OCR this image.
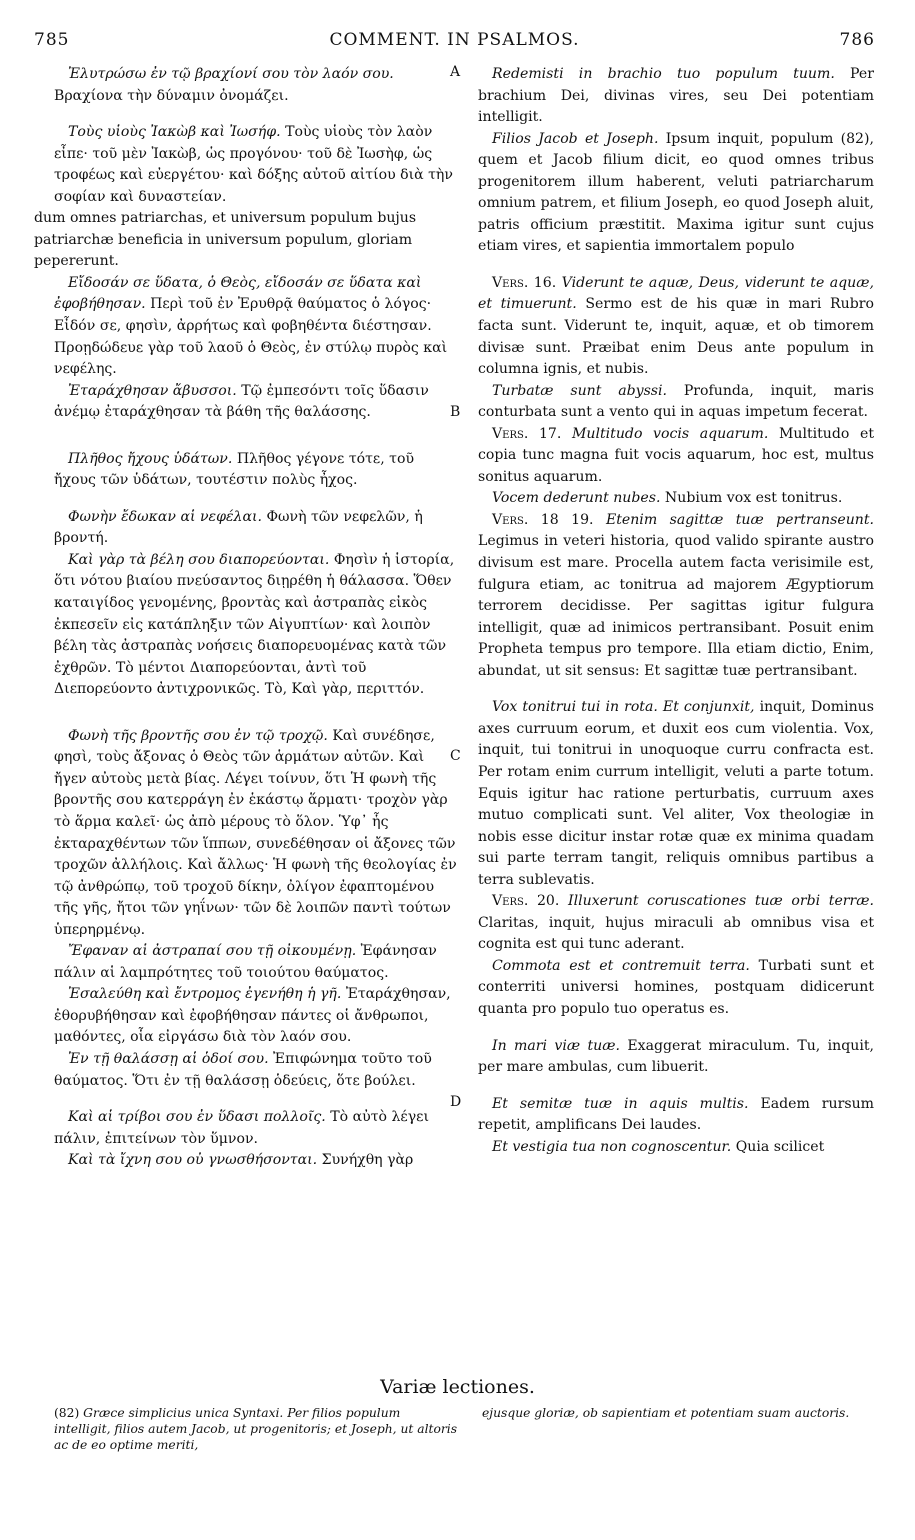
785	COMMENT. IN PSALMOS.	786
A
B
C
D

Ἐλυτρώσω ἐν τῷ βραχίονί σου τὸν λαόν σου. Βραχίονα τὴν δύναμιν ὀνομάζει.

Τοὺς υἱοὺς Ἰακὼβ καὶ Ἰωσήφ. Τοὺς υἱοὺς τὸν λαὸν εἶπε· τοῦ μὲν Ἰακὼβ, ὡς προγόνου· τοῦ δὲ Ἰωσὴφ, ὡς τροφέως καὶ εὐεργέτου· καὶ δόξης αὐτοῦ αἰτίου διὰ τὴν σοφίαν καὶ δυναστείαν.

dum omnes patriarchas, et universum populum bujus patriarchæ beneficia in universum populum, gloriam pepererunt.

Εἴδοσάν σε ὕδατα, ὁ Θεὸς, εἴδοσάν σε ὕδατα καὶ ἐφοβήθησαν. Περὶ τοῦ ἐν Ἐρυθρᾷ θαύματος ὁ λόγος· Εἶδόν σε, φησὶν, ἀρρήτως καὶ φοβηθέντα διέστησαν. Προῃδώδευε γὰρ τοῦ λαοῦ ὁ Θεὸς, ἐν στύλῳ πυρὸς καὶ νεφέλης.

Ἐταράχθησαν ἄβυσσοι. Τῷ ἐμπεσόντι τοῖς ὕδασιν ἀνέμῳ ἐταράχθησαν τὰ βάθη τῆς θαλάσσης.

Πλῆθος ἤχους ὑδάτων. Πλῆθος γέγονε τότε, τοῦ ἤχους τῶν ὑδάτων, τουτέστιν πολὺς ἦχος.

Φωνὴν ἔδωκαν αἱ νεφέλαι. Φωνὴ τῶν νεφελῶν, ἡ βροντή.

Καὶ γὰρ τὰ βέλη σου διαπορεύονται. Φησὶν ἡ ἱστορία, ὅτι νότου βιαίου πνεύσαντος διῃρέθη ἡ θάλασσα. Ὅθεν καταιγίδος γενομένης, βροντὰς καὶ ἀστραπὰς εἰκὸς ἐκπεσεῖν εἰς κατάπληξιν τῶν Αἰγυπτίων· καὶ λοιπὸν βέλη τὰς ἀστραπὰς νοήσεις διαπορευομένας κατὰ τῶν ἐχθρῶν. Τὸ μέντοι Διαπορεύονται, ἀντὶ τοῦ Διεπορεύοντο ἀντιχρονικῶς. Τὸ, Καὶ γὰρ, περιττόν.

Φωνὴ τῆς βροντῆς σου ἐν τῷ τροχῷ. Καὶ συνέδησε, φησὶ, τοὺς ἄξονας ὁ Θεὸς τῶν ἁρμάτων αὐτῶν. Καὶ ἤγεν αὐτοὺς μετὰ βίας. Λέγει τοίνυν, ὅτι Ἡ φωνὴ τῆς βροντῆς σου κατερράγη ἐν ἑκάστῳ ἅρματι· τροχὸν γὰρ τὸ ἅρμα καλεῖ· ὡς ἀπὸ μέρους τὸ ὅλον. Ὑφ᾽ ἧς ἐκταραχθέντων τῶν ἵππων, συνεδέθησαν οἱ ἄξονες τῶν τροχῶν ἀλλήλοις. Καὶ ἄλλως· Ἡ φωνὴ τῆς θεολογίας ἐν τῷ ἀνθρώπῳ, τοῦ τροχοῦ δίκην, ὀλίγον ἐφαπτομένου τῆς γῆς, ἤτοι τῶν γηΐνων· τῶν δὲ λοιπῶν παντὶ τούτων ὑπερηρμένῳ.

Ἔφαναν αἱ ἀστραπαί σου τῇ οἰκουμένῃ. Ἐφάνησαν πάλιν αἱ λαμπρότητες τοῦ τοιούτου θαύματος.

Ἐσαλεύθη καὶ ἔντρομος ἐγενήθη ἡ γῆ. Ἐταράχθησαν, ἐθορυβήθησαν καὶ ἐφοβήθησαν πάντες οἱ ἄνθρωποι, μαθόντες, οἷα εἰργάσω διὰ τὸν λαόν σου.

Ἐν τῇ θαλάσσῃ αἱ ὁδοί σου. Ἐπιφώνημα τοῦτο τοῦ θαύματος. Ὅτι ἐν τῇ θαλάσσῃ ὁδεύεις, ὅτε βούλει.

Καὶ αἱ τρίβοι σου ἐν ὕδασι πολλοῖς. Τὸ αὐτὸ λέγει πάλιν, ἐπιτείνων τὸν ὕμνον.

Καὶ τὰ ἴχνη σου οὐ γνωσθήσονται. Συνήχθη γὰρ

Redemisti in brachio tuo populum tuum. Per brachium Dei, divinas vires, seu Dei potentiam intelligit.

Filios Jacob et Joseph. Ipsum inquit, populum (82), quem et Jacob filium dicit, eo quod omnes tribus progenitorem illum haberent, veluti patriarcharum omnium patrem, et filium Joseph, eo quod Joseph aluit, patris officium præstitit. Maxima igitur sunt cujus etiam vires, et sapientia immortalem populo

Vers. 16. Viderunt te aquæ, Deus, viderunt te aquæ, et timuerunt. Sermo est de his quæ in mari Rubro facta sunt. Viderunt te, inquit, aquæ, et ob timorem divisæ sunt. Præibat enim Deus ante populum in columna ignis, et nubis.

Turbatæ sunt abyssi. Profunda, inquit, maris conturbata sunt a vento qui in aquas impetum fecerat.

Vers. 17. Multitudo vocis aquarum. Multitudo et copia tunc magna fuit vocis aquarum, hoc est, multus sonitus aquarum.

Vocem dederunt nubes. Nubium vox est tonitrus.

Vers. 18 19. Etenim sagittæ tuæ pertranseunt. Legimus in veteri historia, quod valido spirante austro divisum est mare. Procella autem facta verisimile est, fulgura etiam, ac tonitrua ad majorem Ægyptiorum terrorem decidisse. Per sagittas igitur fulgura intelligit, quæ ad inimicos pertransibant. Posuit enim Propheta tempus pro tempore. Illa etiam dictio, Enim, abundat, ut sit sensus: Et sagittæ tuæ pertransibant.

Vox tonitrui tui in rota. Et conjunxit, inquit, Dominus axes curruum eorum, et duxit eos cum violentia. Vox, inquit, tui tonitrui in unoquoque curru confracta est. Per rotam enim currum intelligit, veluti a parte totum. Equis igitur hac ratione perturbatis, curruum axes mutuo complicati sunt. Vel aliter, Vox theologiæ in nobis esse dicitur instar rotæ quæ ex minima quadam sui parte terram tangit, reliquis omnibus partibus a terra sublevatis.

Vers. 20. Illuxerunt coruscationes tuæ orbi terræ. Claritas, inquit, hujus miraculi ab omnibus visa et cognita est qui tunc aderant.

Commota est et contremuit terra. Turbati sunt et conterriti universi homines, postquam didicerunt quanta pro populo tuo operatus es.

In mari viæ tuæ. Exaggerat miraculum. Tu, inquit, per mare ambulas, cum libuerit.

Et semitæ tuæ in aquis multis. Eadem rursum repetit, amplificans Dei laudes.

Et vestigia tua non cognoscentur. Quia scilicet

Variæ lectiones.
(82) Græce simplicius unica Syntaxi. Per filios populum intelligit, filios autem Jacob, ut progenitoris; et Joseph, ut altoris ac de eo optime meriti,
ejusque gloriæ, ob sapientiam et potentiam suam auctoris.
